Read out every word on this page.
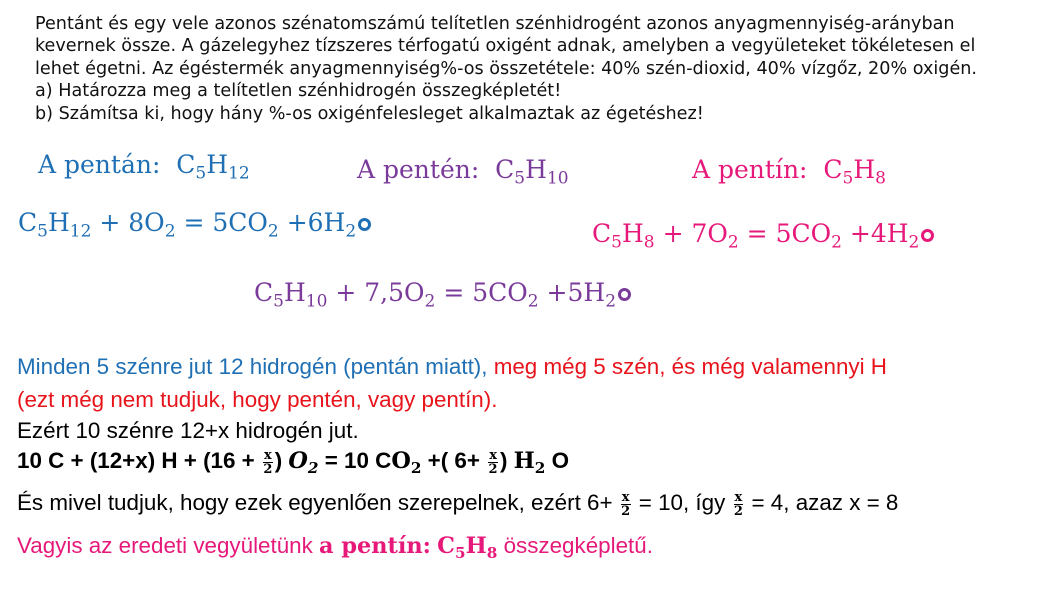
Pentánt és egy vele azonos szénatomszámú telítetlen szénhidrogént azonos anyagmennyiség-arányban
kevernek össze. A gázelegyhez tízszeres térfogatú oxigént adnak, amelyben a vegyületeket tökéletesen el
lehet égetni. Az égéstermék anyagmennyiség%-os összetétele: 40% szén-dioxid, 40% vízgőz, 20% oxigén.
a) Határozza meg a telítetlen szénhidrogén összegképletét!
b) Számítsa ki, hogy hány %-os oxigénfelesleget alkalmaztak az égetéshez!
A pentán:  $C_5H_{12}$	A pentén:  $C_5H_{10}$	A pentín:  $C_5H_8$
$C_5H_{12} + 8O_2 = 5CO_2 +6H_2$	$C_5H_8 + 7O_2 = 5CO_2 +4H_2$
$C_5H_{10} + 7,5O_2 = 5CO_2 +5H_2$
Minden 5 szénre jut 12 hidrogén (pentán miatt), meg még 5 szén, és még valamennyi H
(ezt még nem tudjuk, hogy pentén, vagy pentín).
Ezért 10 szénre 12+x hidrogén jut.
10 C + (12+x) $H + (16 + \frac{x}{2}$ ) $O_2 = 10$ $CO_2$ +( $6+ \frac{x}{2}$ ) $H_2$ O
És mivel tudjuk, hogy ezek egyenlően szerepelnek, ezért $6+ \frac{x}{2} = 10$, így $\frac{x}{2} = 4$, azaz x = 8
Vagyis az eredeti vegyületünk a pentín: $C_5H_8$ összegképletű.
